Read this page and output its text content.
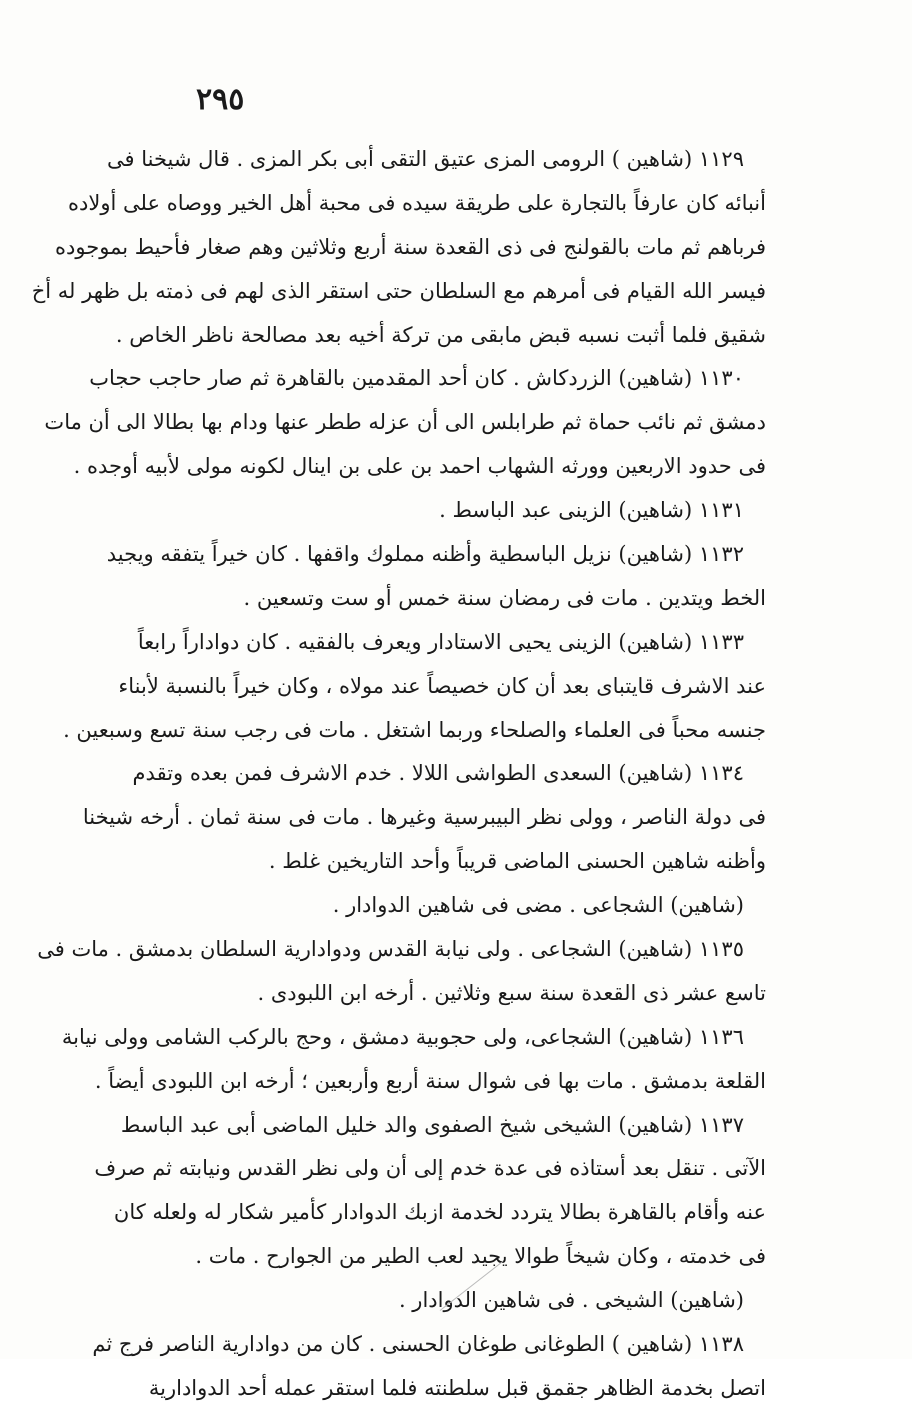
٢٩٥
١١٢٩ (شاهين ) الرومى المزى عتيق التقى أبى بكر المزى . قال شيخنا فى
أنبائه كان عارفاً بالتجارة على طريقة سيده فى محبة أهل الخير ووصاه على أولاده
فرباهم ثم مات بالقولنج فى ذى القعدة سنة أربع وثلاثين وهم صغار فأحيط بموجوده
فيسر الله القيام فى أمرهم مع السلطان حتى استقر الذى لهم فى ذمته بل ظهر له أخ
شقيق فلما أثبت نسبه قبض مابقى من تركة أخيه بعد مصالحة ناظر الخاص .
١١٣٠ (شاهين) الزردكاش . كان أحد المقدمين بالقاهرة ثم صار حاجب حجاب
دمشق ثم نائب حماة ثم طرابلس الى أن عزله ططر عنها ودام بها بطالا الى أن مات
فى حدود الاربعين وورثه الشهاب احمد بن على بن اينال لكونه مولى لأبيه أوجده .
١١٣١ (شاهين) الزينى عبد الباسط .
١١٣٢ (شاهين) نزيل الباسطية وأظنه مملوك واقفها . كان خيراً يتفقه ويجيد
الخط ويتدين . مات فى رمضان سنة خمس أو ست وتسعين .
١١٣٣ (شاهين) الزينى يحيى الاستادار ويعرف بالفقيه . كان دواداراً رابعاً
عند الاشرف قايتباى بعد أن كان خصيصاً عند مولاه ، وكان خيراً بالنسبة لأبناء
جنسه محباً فى العلماء والصلحاء وربما اشتغل . مات فى رجب سنة تسع وسبعين .
١١٣٤ (شاهين) السعدى الطواشى اللالا . خدم الاشرف فمن بعده وتقدم
فى دولة الناصر ، وولى نظر البيبرسية وغيرها . مات فى سنة ثمان . أرخه شيخنا
وأظنه شاهين الحسنى الماضى قريباً وأحد التاريخين غلط .
(شاهين) الشجاعى . مضى فى شاهين الدوادار .
١١٣٥ (شاهين) الشجاعى . ولى نيابة القدس ودوادارية السلطان بدمشق . مات فى
تاسع عشر ذى القعدة سنة سبع وثلاثين . أرخه ابن اللبودى .
١١٣٦ (شاهين) الشجاعى، ولى حجوبية دمشق ، وحج بالركب الشامى وولى نيابة
القلعة بدمشق . مات بها فى شوال سنة أربع وأربعين ؛ أرخه ابن اللبودى أيضاً .
١١٣٧ (شاهين) الشيخى شيخ الصفوى والد خليل الماضى أبى عبد الباسط
الآتى . تنقل بعد أستاذه فى عدة خدم إلى أن ولى نظر القدس ونيابته ثم صرف
عنه وأقام بالقاهرة بطالا يتردد لخدمة ازبك الدوادار كأمير شكار له ولعله كان
فى خدمته ، وكان شيخاً طوالا يجيد لعب الطير من الجوارح . مات .
(شاهين) الشيخى . فى شاهين الدوادار .
١١٣٨ (شاهين ) الطوغانى طوغان الحسنى . كان من دوادارية الناصر فرج ثم
اتصل بخدمة الظاهر جقمق قبل سلطنته فلما استقر عمله أحد الدوادارية
